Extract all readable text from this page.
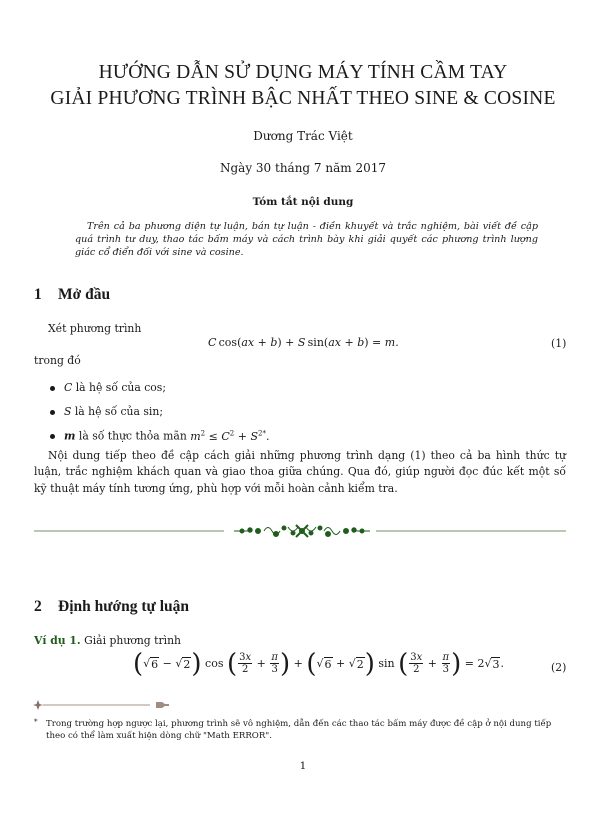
HƯỚNG DẪN SỬ DỤNG MÁY TÍNH CẦM TAY
GIẢI PHƯƠNG TRÌNH BẬC NHẤT THEO SINE & COSINE
Dương Trác Việt
Ngày 30 tháng 7 năm 2017
Tóm tắt nội dung
Trên cả ba phương diện tự luận, bán tự luận - điền khuyết và trắc nghiệm, bài viết đề cập quá trình tư duy, thao tác bấm máy và cách trình bày khi giải quyết các phương trình lượng giác cổ điển đối với sine và cosine.
1 Mở đầu
Xét phương trình
C  cos(ax + b) + S  sin(ax + b) = m.	(1)
trong đó
C là hệ số của cos;
S là hệ số của sin;
m là số thực thỏa mãn $m^2 \le C^2 + S^{2*}$.
Nội dung tiếp theo đề cập cách giải những phương trình dạng (1) theo cả ba hình thức tự luận, trắc nghiệm khách quan và giao thoa giữa chúng. Qua đó, giúp người đọc đúc kết một số kỹ thuật máy tính tương ứng, phù hợp với mỗi hoàn cảnh kiểm tra.
2 Định hướng tự luận
Ví dụ 1. Giải phương trình
( √ 6 − √ 2 ) cos ( $\frac{3x}{2} + \frac{\pi}{3}$ ) + ( √ 6 + √ 2 ) sin ( $\frac{3x}{2} + \frac{\pi}{3}$ ) = 2√ 3 .	(2)
* Trong trường hợp ngược lại, phương trình sẽ vô nghiệm, dẫn đến các thao tác bấm máy được đề cập ở nội dung tiếp theo có thể làm xuất hiện dòng chữ "Math ERROR".
1
